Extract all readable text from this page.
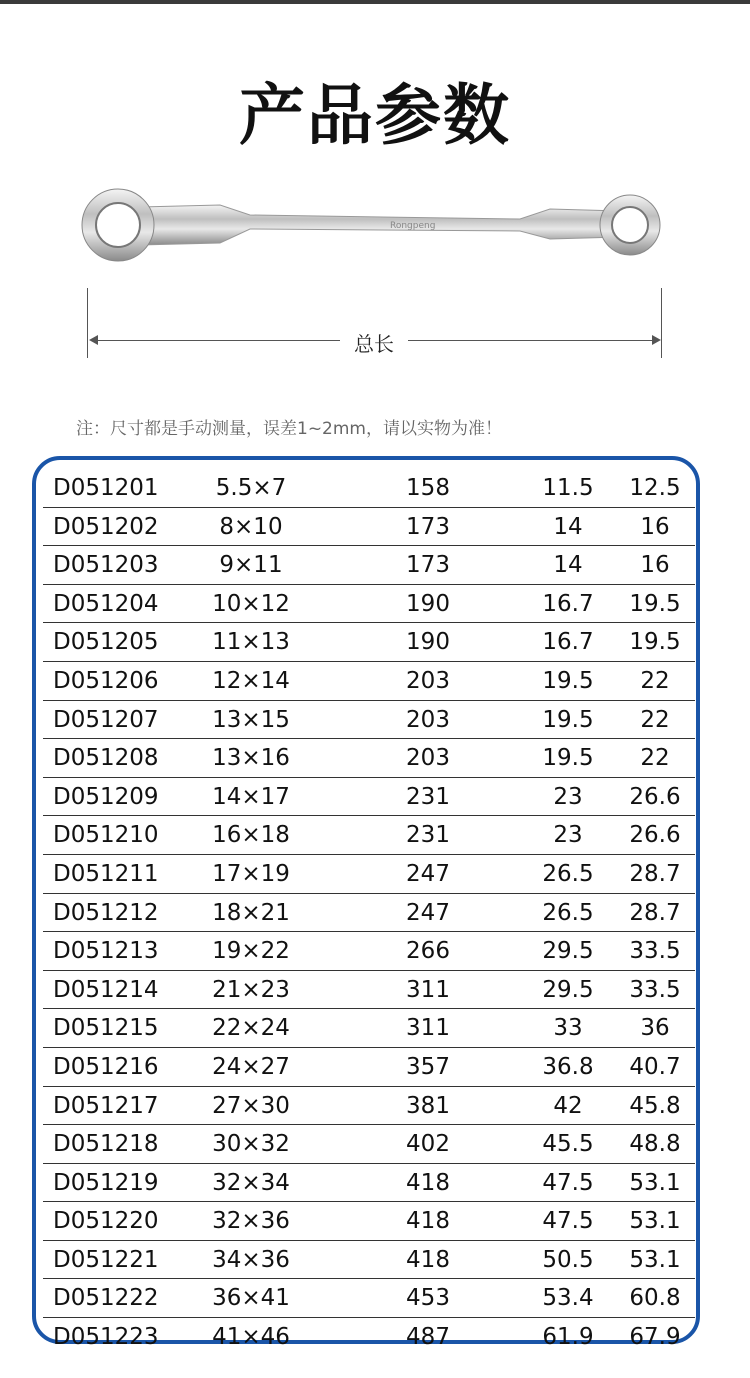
产品参数
Rongpeng
总长
注：尺寸都是手动测量，误差1~2mm，请以实物为准！
D051201	5.5×7	158	11.5	12.5
D051202	8×10	173	14	16
D051203	9×11	173	14	16
D051204	10×12	190	16.7	19.5
D051205	11×13	190	16.7	19.5
D051206	12×14	203	19.5	22
D051207	13×15	203	19.5	22
D051208	13×16	203	19.5	22
D051209	14×17	231	23	26.6
D051210	16×18	231	23	26.6
D051211	17×19	247	26.5	28.7
D051212	18×21	247	26.5	28.7
D051213	19×22	266	29.5	33.5
D051214	21×23	311	29.5	33.5
D051215	22×24	311	33	36
D051216	24×27	357	36.8	40.7
D051217	27×30	381	42	45.8
D051218	30×32	402	45.5	48.8
D051219	32×34	418	47.5	53.1
D051220	32×36	418	47.5	53.1
D051221	34×36	418	50.5	53.1
D051222	36×41	453	53.4	60.8
D051223	41×46	487	61.9	67.9
